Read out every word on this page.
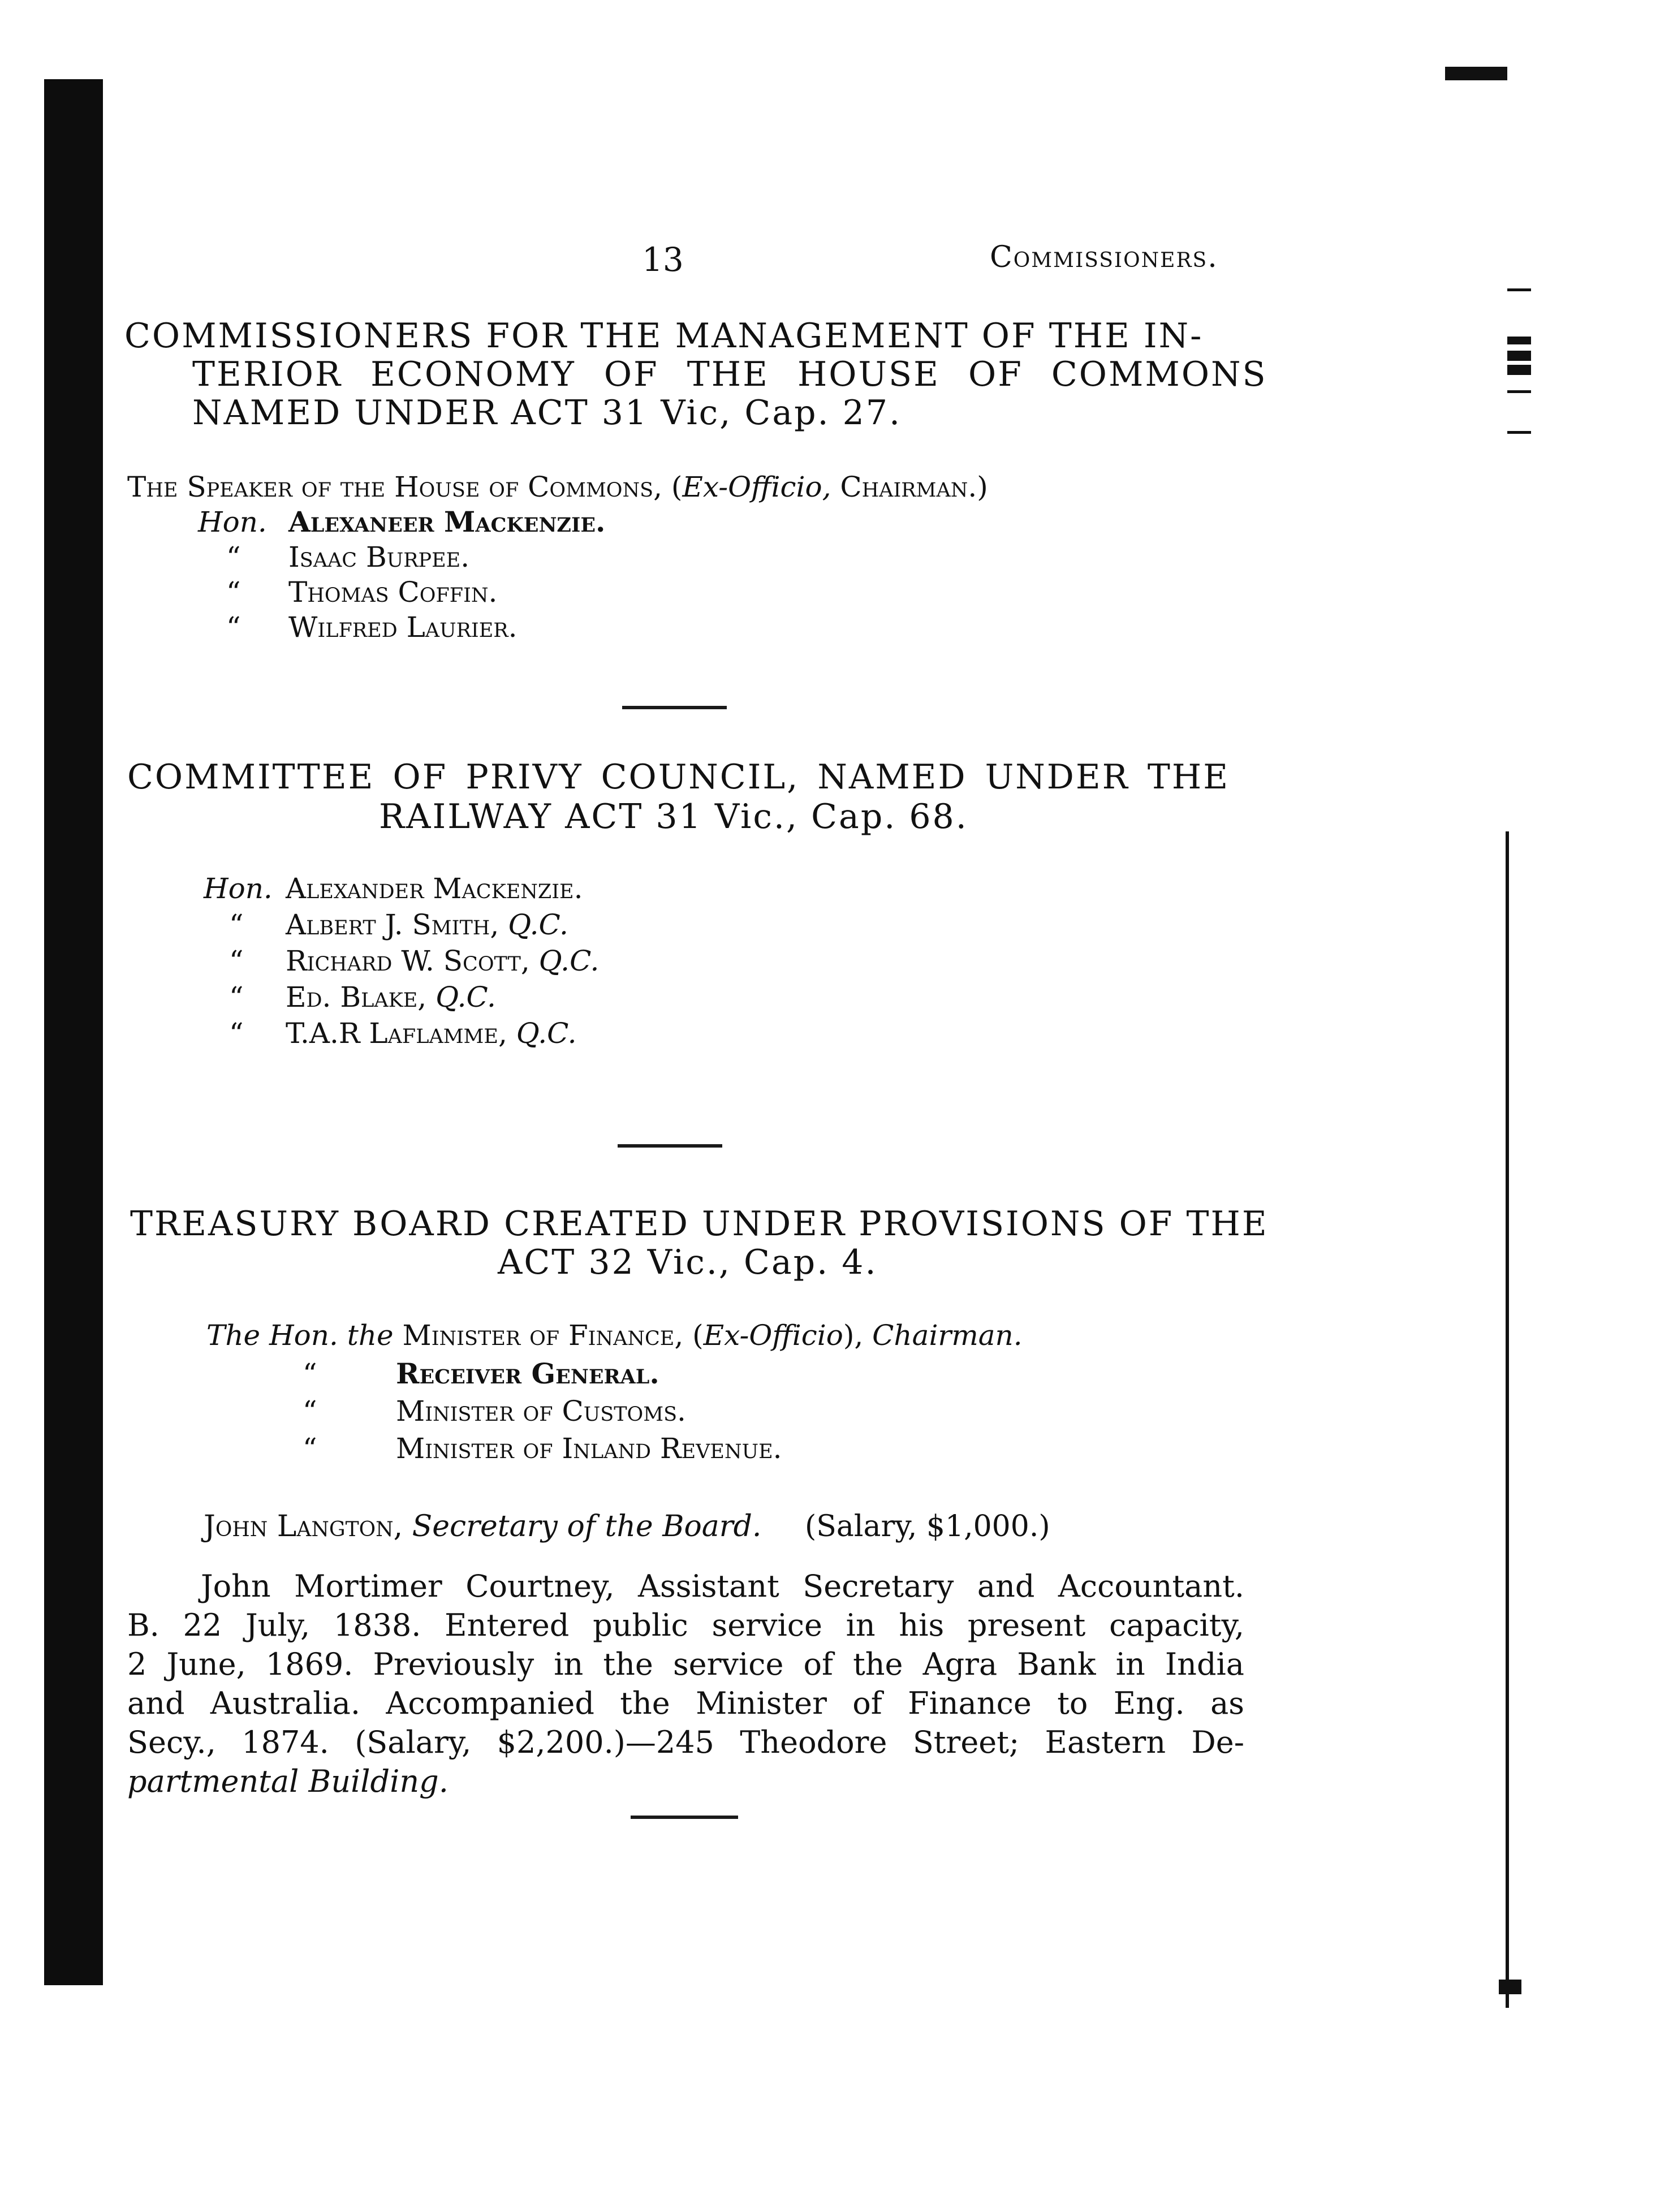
13	Commissioners.
COMMISSIONERS FOR THE MANAGEMENT OF THE IN-
TERIOR ECONOMY OF THE HOUSE OF COMMONS
NAMED UNDER ACT 31 Vic, Cap. 27.
The Speaker of the House of Commons, (Ex-Officio, Chairman.)
Hon. Alexaneer Mackenzie.
“ Isaac Burpee.
“ Thomas Coffin.
“ Wilfred Laurier.
COMMITTEE OF PRIVY COUNCIL, NAMED UNDER THE
RAILWAY ACT 31 Vic., Cap. 68.
Hon. Alexander Mackenzie.
“ Albert J. Smith, Q.C.
“ Richard W. Scott, Q.C.
“ Ed. Blake, Q.C.
“ T.A.R Laflamme, Q.C.
TREASURY BOARD CREATED UNDER PROVISIONS OF THE
ACT 32 Vic., Cap. 4.
The Hon. the Minister of Finance, (Ex-Officio), Chairman.
“	Receiver General.
“	Minister of Customs.
“	Minister of Inland Revenue.
John Langton, Secretary of the Board. (Salary, $1,000.)
John Mortimer Courtney, Assistant Secretary and Accountant.
B. 22 July, 1838. Entered public service in his present capacity,
2 June, 1869. Previously in the service of the Agra Bank in India
and Australia. Accompanied the Minister of Finance to Eng. as
Secy., 1874. (Salary, $2,200.)—245 Theodore Street; Eastern De-
partmental Building.
